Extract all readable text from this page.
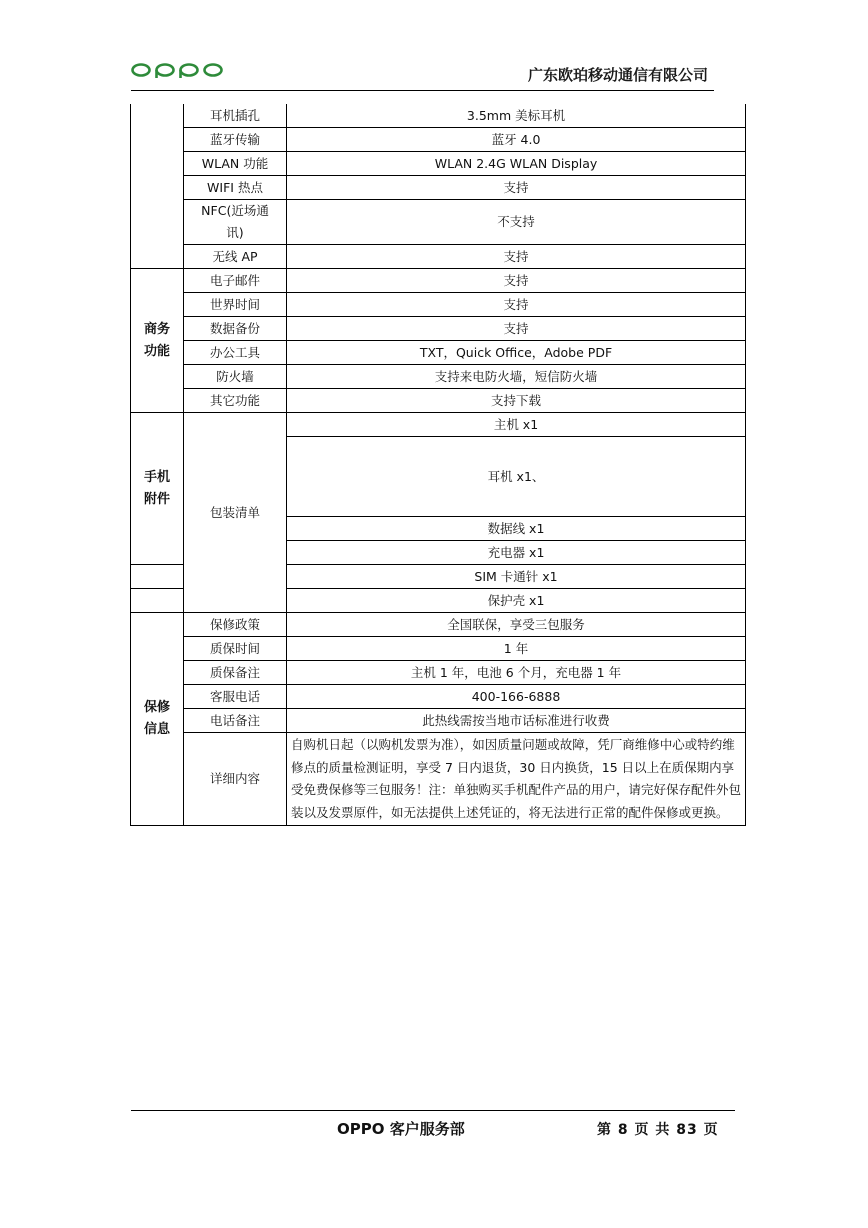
广东欧珀移动通信有限公司
	耳机插孔	3.5mm 美标耳机
	蓝牙传输	蓝牙 4.0
	WLAN 功能	WLAN 2.4G WLAN Display
	WIFI 热点	支持
	NFC(近场通讯)	不支持
	无线 AP	支持
商务功能	电子邮件	支持
	世界时间	支持
	数据备份	支持
	办公工具	TXT，Quick Office，Adobe PDF
	防火墙	支持来电防火墙，短信防火墙
	其它功能	支持下载
手机附件	包装清单	主机 x1
		耳机 x1、
		数据线 x1
		充电器 x1
		SIM 卡通针 x1
		保护壳 x1
保修信息	保修政策	全国联保，享受三包服务
	质保时间	1 年
	质保备注	主机 1 年，电池 6 个月，充电器 1 年
	客服电话	400-166-6888
	电话备注	此热线需按当地市话标准进行收费
	详细内容	自购机日起（以购机发票为准），如因质量问题或故障，凭厂商维修中心或特约维修点的质量检测证明，享受 7 日内退货，30 日内换货，15 日以上在质保期内享受免费保修等三包服务！注：单独购买手机配件产品的用户，请完好保存配件外包装以及发票原件，如无法提供上述凭证的，将无法进行正常的配件保修或更换。
OPPO 客户服务部	第 8 页 共 83 页
